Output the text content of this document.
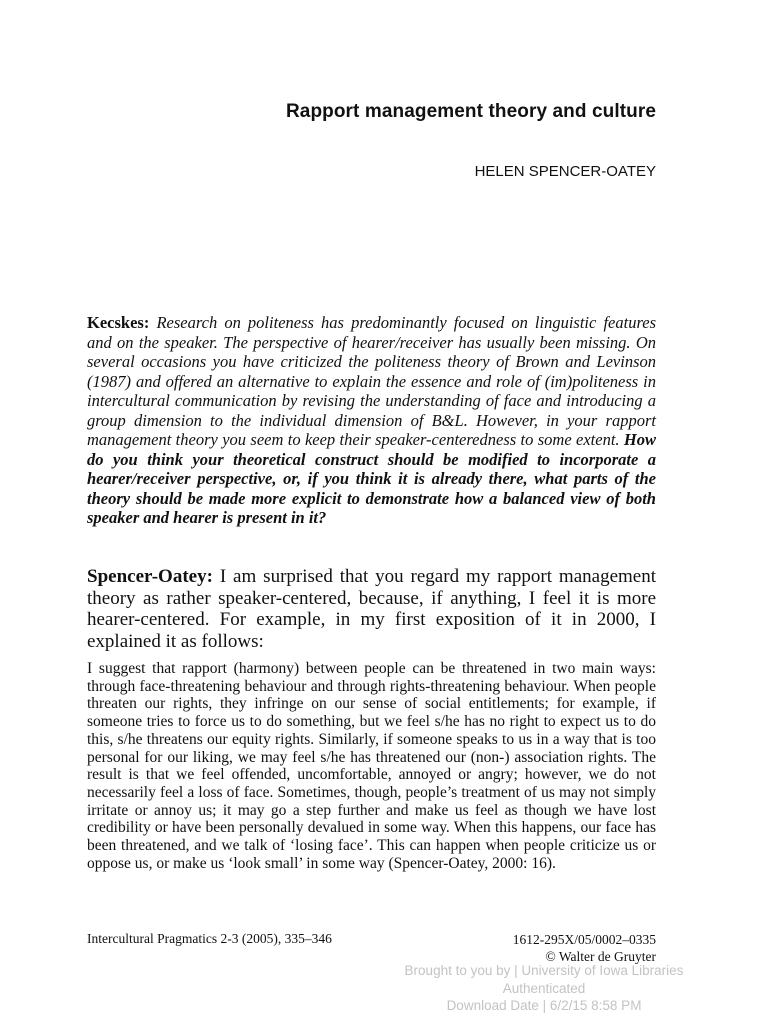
Rapport management theory and culture
HELEN SPENCER-OATEY
Kecskes: Research on politeness has predominantly focused on linguistic features and on the speaker. The perspective of hearer/receiver has usually been missing. On several occasions you have criticized the politeness theory of Brown and Levinson (1987) and offered an alternative to explain the essence and role of (im)politeness in intercultural communication by revising the understanding of face and introducing a group dimension to the individual dimension of B&L. However, in your rapport management theory you seem to keep their speaker-centeredness to some extent. How do you think your theoretical construct should be modified to incorporate a hearer/receiver perspective, or, if you think it is already there, what parts of the theory should be made more explicit to demonstrate how a balanced view of both speaker and hearer is present in it?
Spencer-Oatey: I am surprised that you regard my rapport management theory as rather speaker-centered, because, if anything, I feel it is more hearer-centered. For example, in my first exposition of it in 2000, I explained it as follows:
I suggest that rapport (harmony) between people can be threatened in two main ways: through face-threatening behaviour and through rights-threatening behaviour. When people threaten our rights, they infringe on our sense of social entitlements; for example, if someone tries to force us to do something, but we feel s/he has no right to expect us to do this, s/he threatens our equity rights. Similarly, if someone speaks to us in a way that is too personal for our liking, we may feel s/he has threatened our (non-) association rights. The result is that we feel offended, uncomfortable, annoyed or angry; however, we do not necessarily feel a loss of face. Sometimes, though, people’s treatment of us may not simply irritate or annoy us; it may go a step further and make us feel as though we have lost credibility or have been personally devalued in some way. When this happens, our face has been threatened, and we talk of ‘losing face’. This can happen when people criticize us or oppose us, or make us ‘look small’ in some way (Spencer-Oatey, 2000: 16).
Intercultural Pragmatics 2-3 (2005), 335–346	1612-295X/05/0002–0335
© Walter de Gruyter
Brought to you by | University of Iowa Libraries
Authenticated
Download Date | 6/2/15 8:58 PM
